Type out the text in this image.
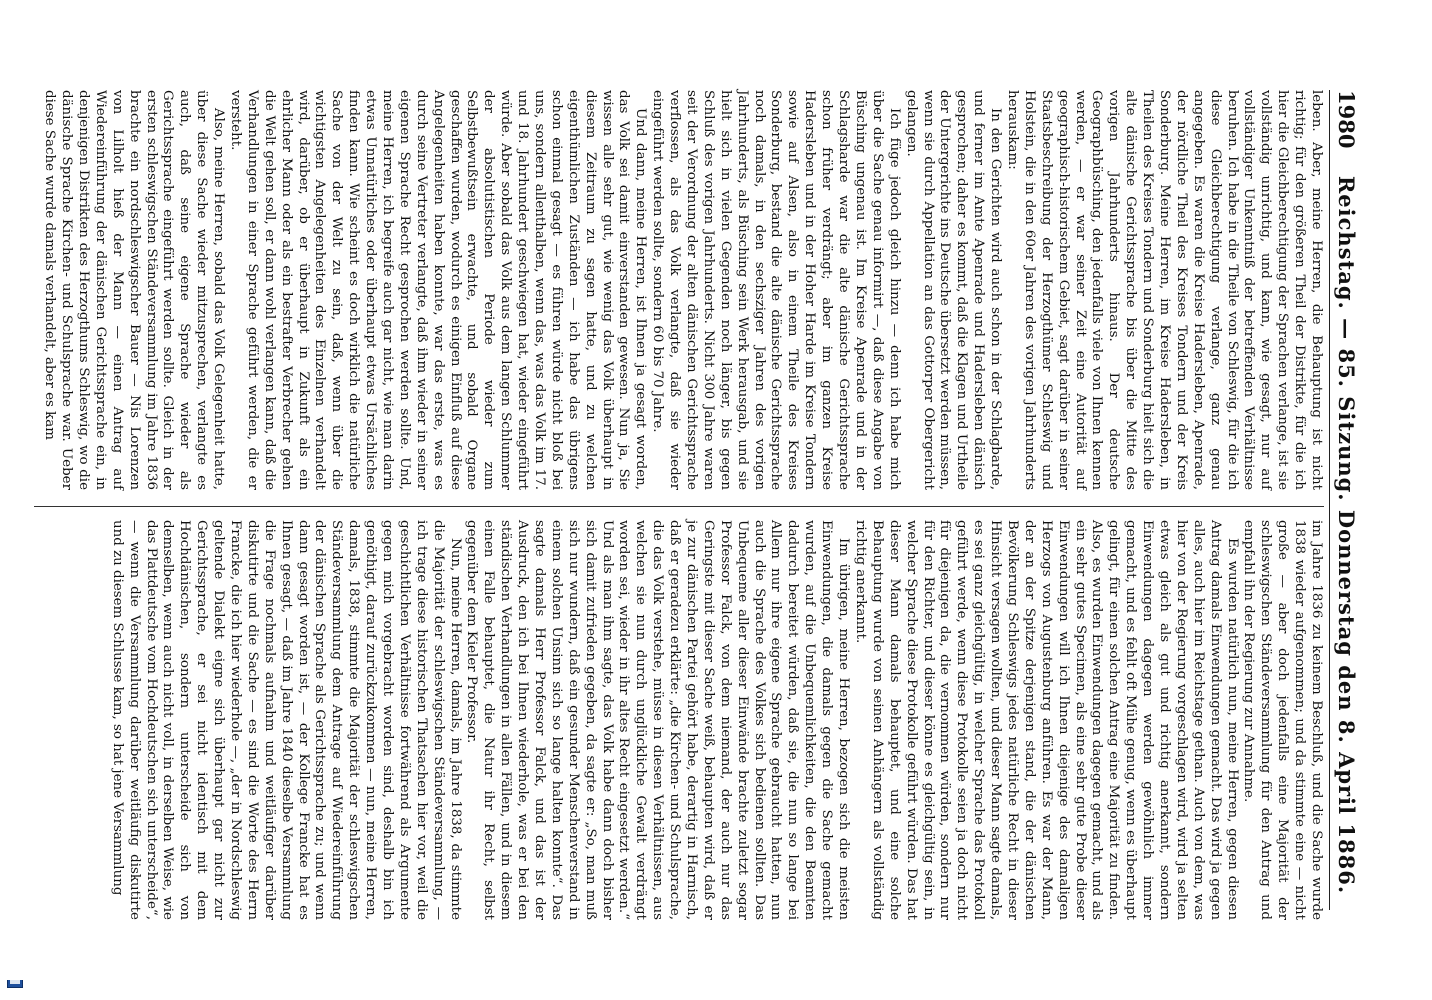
1980
Reichstag. — 85. Sitzung. Donnerstag den 8. April 1886.

leben. Aber, meine Herren, die Behauptung ist nicht richtig; für den größeren Theil der Distrikte, für die ich hier die Gleichberechtigung der Sprachen verlange, ist sie vollständig unrichtig, und kann, wie gesagt, nur auf vollständiger Unkenntniß der betreffenden Verhältnisse beruhen. Ich habe in die Theile von Schleswig, für die ich diese Gleichberechtigung verlange, ganz genau angegeben. Es waren die Kreise Hadersleben, Apenrade, der nördliche Theil des Kreises Tondern und der Kreis Sonderburg. Meine Herren, im Kreise Hadersleben, in Theilen des Kreises Tondern und Sonderburg hielt sich die alte dänische Gerichtssprache bis über die Mitte des vorigen Jahrhunderts hinaus. Der deutsche Geographbüsching, den jedenfalls viele von Ihnen kennen werden, — er war seiner Zeit eine Autorität auf geographisch-historischem Gebiet, sagt darüber in seiner Staatsbeschreibung der Herzogthümer Schleswig und Holstein, die in den 60er Jahren des vorigen Jahrhunderts herauskam:

In den Gerichten wird auch schon in der Schlagbarde, und ferner im Amte Apenrade und Hadersleben dänisch gesprochen; daher es kommt, daß die Klagen und Urtheile der Untergerichte ins Deutsche übersetzt werden müssen, wenn sie durch Appellation an das Gottorper Obergericht gelangen.

Ich füge jedoch gleich hinzu — denn ich habe mich über die Sache genau informirt —, daß diese Angabe von Büsching ungenau ist. Im Kreise Apenrade und in der Schlagsharde war die alte dänische Gerichtssprache schon früher verdrängt; aber im ganzen Kreise Hadersleben und in der Hoher Harde im Kreise Tondern sowie auf Alsen, also in einem Theile des Kreises Sonderburg, bestand die alte dänische Gerichtssprache noch damals, in den sechsziger Jahren des vorigen Jahrhunderts, als Büsching sein Werk herausgab, und sie hielt sich in vielen Gegenden noch länger, bis gegen Schluß des vorigen Jahrhunderts. Nicht 300 Jahre waren seit der Verordnung der alten dänischen Gerichtssprache verflossen, als das Volk verlangte, daß sie wieder eingeführt werden sollte, sondern 60 bis 70 Jahre.

Und dann, meine Herren, ist Ihnen ja gesagt worden, das Volk sei damit einverstanden gewesen. Nun ja, Sie wissen alle sehr gut, wie wenig das Volk überhaupt in diesem Zeitraum zu sagen hatte, und zu welchen eigenthümlichen Zuständen — ich habe das übrigens schon einmal gesagt — es führen würde nicht bloß bei uns, sondern allenthalben, wenn das, was das Volk im 17. und 18. Jahrhundert geschwiegen hat, wieder eingeführt würde. Aber sobald das Volk aus dem langen Schlummer der absolutistischen Periode wieder zum Selbstbewußtsein erwachte, und sobald Organe geschaffen wurden, wodurch es einigen Einfluß auf diese Angelegenheiten haben konnte, war das erste, was es durch seine Vertreter verlangte, daß ihm wieder in seiner eigenen Sprache Recht gesprochen werden sollte. Und, meine Herren, ich begreife auch gar nicht, wie man darin etwas Unnatürliches oder überhaupt etwas Ursächliches finden kann. Wie scheint es doch wirklich die natürliche Sache von der Welt zu sein, daß, wenn über die wichtigsten Angelegenheiten des Einzelnen verhandelt wird, darüber, ob er überhaupt in Zukunft als ein ehrlicher Mann oder als ein bestrafter Verbrecher gehen die Welt gehen soll, er dann wohl verlangen kann, daß die Verhandlungen in einer Sprache geführt werden, die er versteht.

Also, meine Herren, sobald das Volk Gelegenheit hatte, über diese Sache wieder mitzusprechen, verlangte es auch, daß seine eigene Sprache wieder als Gerichtssprache eingeführt werden sollte. Gleich in der ersten schleswigschen Ständeversammlung im Jahre 1836 brachte ein nordschleswigscher Bauer — Nis Lorenzen von Lilholt hieß der Mann — einen Antrag auf Wiedereinführung der dänischen Gerichtssprache ein, in denjenigen Distrikten des Herzogthums Schleswig, wo die dänische Sprache Kirchen- und Schulsprache war. Ueber diese Sache wurde damals verhandelt, aber es kam

im Jahre 1836 zu keinem Beschluß, und die Sache wurde 1838 wieder aufgenommen; und da stimmte eine — nicht große — aber doch jedenfalls eine Majorität der schleswigschen Ständeversammlung für den Antrag und empfahl ihn der Regierung zur Annahme.

Es wurden natürlich nun, meine Herren, gegen diesen Antrag damals Einwendungen gemacht. Das wird ja gegen alles, auch hier im Reichstage gethan. Auch von dem, was hier von der Regierung vorgeschlagen wird, wird ja selten etwas gleich als gut und richtig anerkannt, sondern Einwendungen dagegen werden gewöhnlich immer gemacht, und es fehlt oft Mühe genug, wenn es überhaupt gelingt, für einen solchen Antrag eine Majorität zu finden. Also, es wurden Einwendungen dagegen gemacht, und als ein sehr gutes Specimen, als eine sehr gute Probe dieser Einwendungen will ich Ihnen diejenige des damaligen Herzogs von Augustenburg anführen. Es war der Mann, der an der Spitze derjenigen stand, die der dänischen Bevölkerung Schleswigs jedes natürliche Recht in dieser Hinsicht versagen wollten, und dieser Mann sagte damals, es sei ganz gleichgültig, in welcher Sprache das Protokoll geführt werde, wenn diese Protokolle seien ja doch nicht für diejenigen da, die vernommen würden, sondern nur für den Richter, und dieser könne es gleichgültig sein, in welcher Sprache diese Protokolle geführt würden. Das hat dieser Mann damals behauptet, und eine solche Behauptung wurde von seinen Anhängern als vollständig richtig anerkannt.

Im übrigen, meine Herren, bezogen sich die meisten Einwendungen, die damals gegen die Sache gemacht wurden, auf die Unbequemlichkeiten, die den Beamten dadurch bereitet würden, daß sie, die nun so lange bei Allem nur ihre eigene Sprache gebraucht hatten, nun auch die Sprache des Volkes sich bedienen sollten. Das Unbequeme aller dieser Einwände brachte zuletzt sogar Professor Falck, von dem niemand, der auch nur das Geringste mit dieser Sache weiß, behaupten wird, daß er je zur dänischen Partei gehört habe, derartig in Harnisch, daß er geradezu erklärte: „die Kirchen- und Schulsprache, die das Volk verstehe, müsse in diesen Verhältnissen, aus welchen sie nun durch unglückliche Gewalt verdrängt worden sei, wieder in ihr altes Recht eingesetzt werden.“ Und als man ihm sagte, das Volk habe dann doch bisher sich damit zufrieden gegeben, da sagte er: „So, man muß sich nur wundern, daß ein gesunder Menschenverstand in einem solchen Unsinn sich so lange halten konnte“. Das sagte damals Herr Professor Falck, und das ist der Ausdruck, den ich bei Ihnen wiederhole, was er bei den ständischen Verhandlungen in allen Fällen, und in diesem einen Falle behauptet, die Natur ihr Recht, selbst gegenüber dem Kieler Professor.

Nun, meine Herren, damals, im Jahre 1838, da stimmte die Majorität der schleswigschen Ständeversammlung, — ich trage diese historischen Thatsachen hier vor, weil die geschichtlichen Verhältnisse fortwährend als Argumente gegen mich vorgebracht worden sind, deshalb bin ich genöthigt, darauf zurückzukommen — nun, meine Herren, damals, 1838, stimmte die Majorität der schleswigschen Ständeversammlung dem Antrage auf Wiedereinführung der dänischen Sprache als Gerichtssprache zu; und wenn dann gesagt worden ist, — der Kollege Francke hat es Ihnen gesagt, — daß im Jahre 1840 dieselbe Versammlung die Frage nochmals aufnahm und weitläufiger darüber diskutirte und die Sache — es sind die Worte des Herrn Francke, die ich hier wiederhole —, „der in Nordschleswig geltende Dialekt eigne sich überhaupt gar nicht zur Gerichtssprache, er sei nicht identisch mit dem Hochdänischen, sondern unterscheide sich von demselben, wenn auch nicht voll, in derselben Weise, wie das Plattdeutsche vom Hochdeutschen sich unterscheide“, — wenn die Versammlung darüber weitläufig diskutirte und zu diesem Schlusse kam, so hat jene Versammlung
